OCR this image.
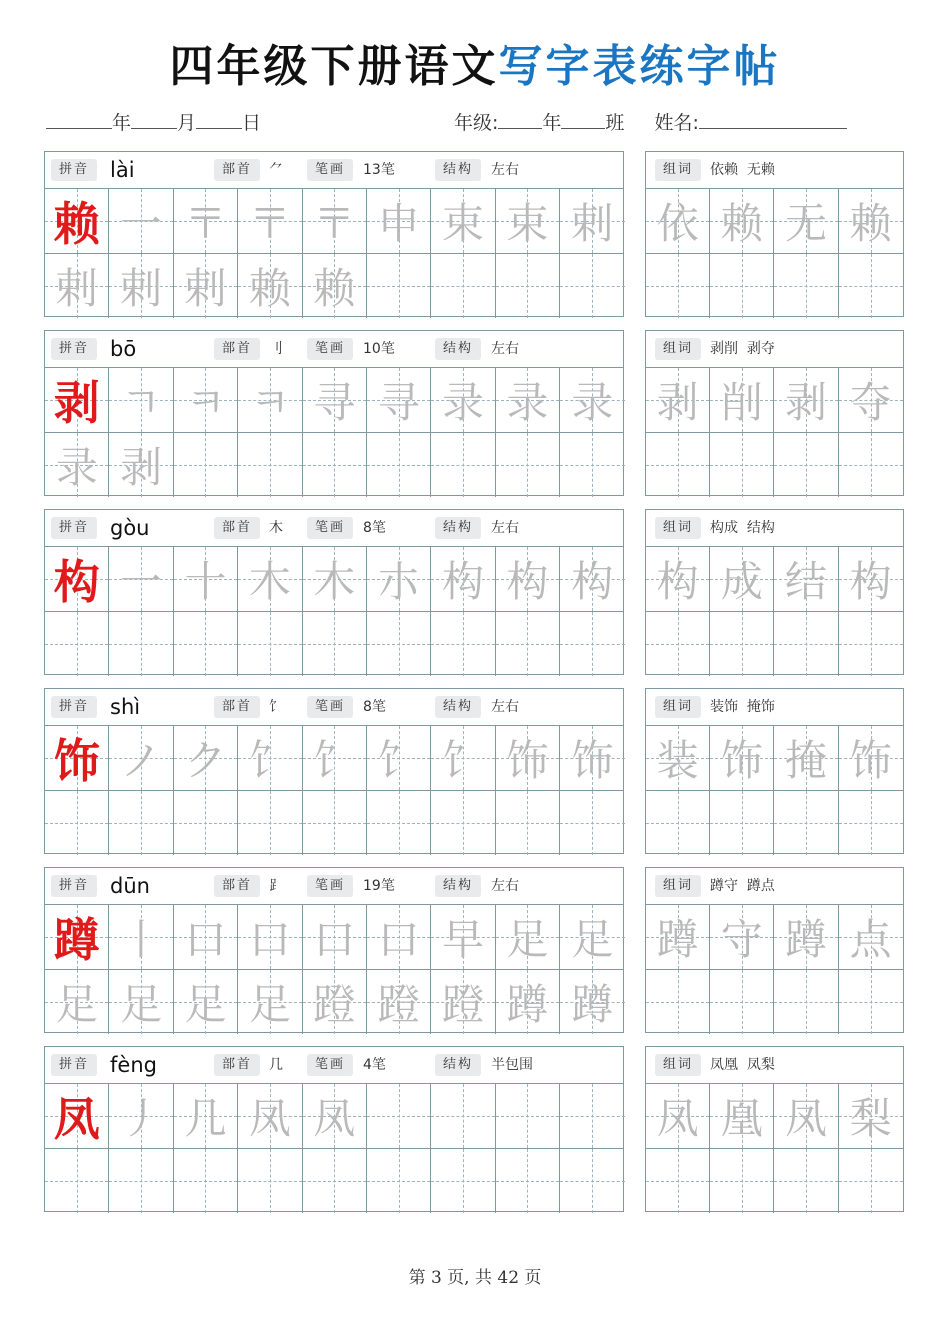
四年级下册语文写字表练字帖
年 月 日	年级: 年 班 姓名:
拼音 lài	部首	⺈	笔画	13笔	结构	左右
赖 一 〒 〒 〒 申 束 束 剌
剌 剌 剌 赖 赖
组词	依赖  无赖
依 赖 无 赖
拼音 bō	部首	刂	笔画	10笔	结构	左右
剥 ㄱ ㅋ ㅋ 寻 寻 录 录 录
录 剥
组词	剥削  剥夺
剥 削 剥 夺
拼音 gòu	部首	木	笔画	8笔	结构	左右
构 一 十 木 木 朩 构 构 构
组词	构成  结构
构 成 结 构
拼音 shì	部首	饣	笔画	8笔	结构	左右
饰 ノ ク 饣 饣 饣 饣 饰 饰
组词	装饰  掩饰
装 饰 掩 饰
拼音 dūn	部首	⻊	笔画	19笔	结构	左右
蹲 丨 口 口 口 口 早 足 足
足 足 足 足 蹬 蹬 蹬 蹲 蹲
组词	蹲守  蹲点
蹲 守 蹲 点
拼音 fèng	部首	几	笔画	4笔	结构	半包围
凤 丿 几 凤 凤
组词	凤凰  凤梨
凤 凰 凤 梨
第 3 页, 共 42 页
